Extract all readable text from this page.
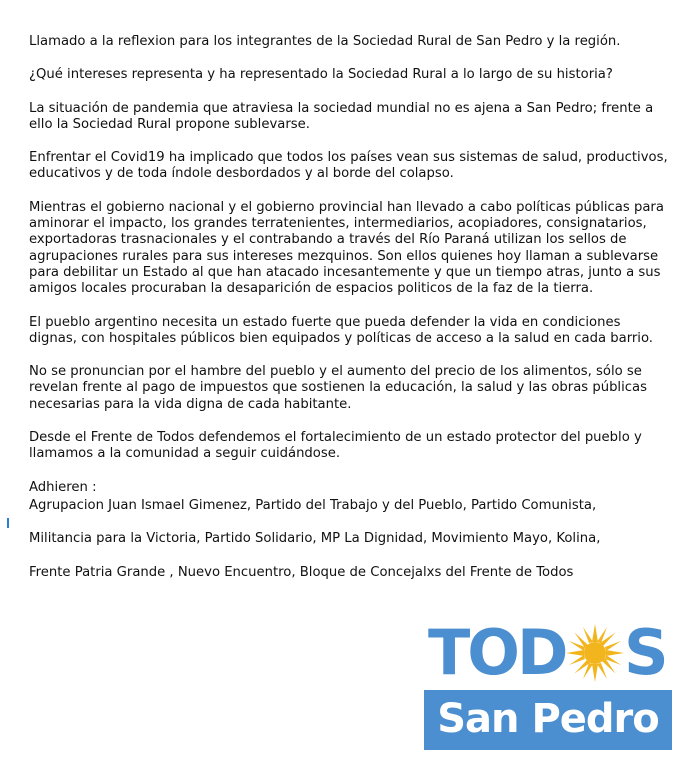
Llamado a la reflexion para los integrantes de la Sociedad Rural de San Pedro y la región.

¿Qué intereses representa y ha representado la Sociedad Rural a lo largo de su historia?

La situación de pandemia que atraviesa la sociedad mundial no es ajena a San Pedro; frente a ello la Sociedad Rural propone sublevarse.

Enfrentar el Covid19 ha implicado que todos los países vean sus sistemas de salud, productivos, educativos y de toda índole desbordados y al borde del colapso.

Mientras el gobierno nacional y el gobierno provincial han llevado a cabo políticas públicas para aminorar el impacto, los grandes terratenientes, intermediarios, acopiadores, consignatarios, exportadoras trasnacionales y el contrabando a través del Río Paraná utilizan los sellos de agrupaciones rurales para sus intereses mezquinos. Son ellos quienes hoy llaman a sublevarse para debilitar un Estado al que han atacado incesantemente y que un tiempo atras, junto a sus amigos locales procuraban la desaparición de espacios politicos de la faz de la tierra.

El pueblo argentino necesita un estado fuerte que pueda defender la vida en condiciones dignas, con hospitales públicos bien equipados y políticas de acceso a la salud en cada barrio.

No se pronuncian por el hambre del pueblo y el aumento del precio de los alimentos, sólo se revelan frente al pago de impuestos que sostienen la educación, la salud y las obras públicas necesarias para la vida digna de cada habitante.

Desde el Frente de Todos defendemos el fortalecimiento de un estado protector del pueblo y llamamos a la comunidad a seguir cuidándose.

Adhieren :

Agrupacion Juan Ismael Gimenez, Partido del Trabajo y del Pueblo, Partido Comunista,

Militancia para la Victoria, Partido Solidario, MP La Dignidad, Movimiento Mayo, Kolina,

Frente Patria Grande , Nuevo Encuentro, Bloque de Concejalxs del Frente de Todos

TOD S
San Pedro
